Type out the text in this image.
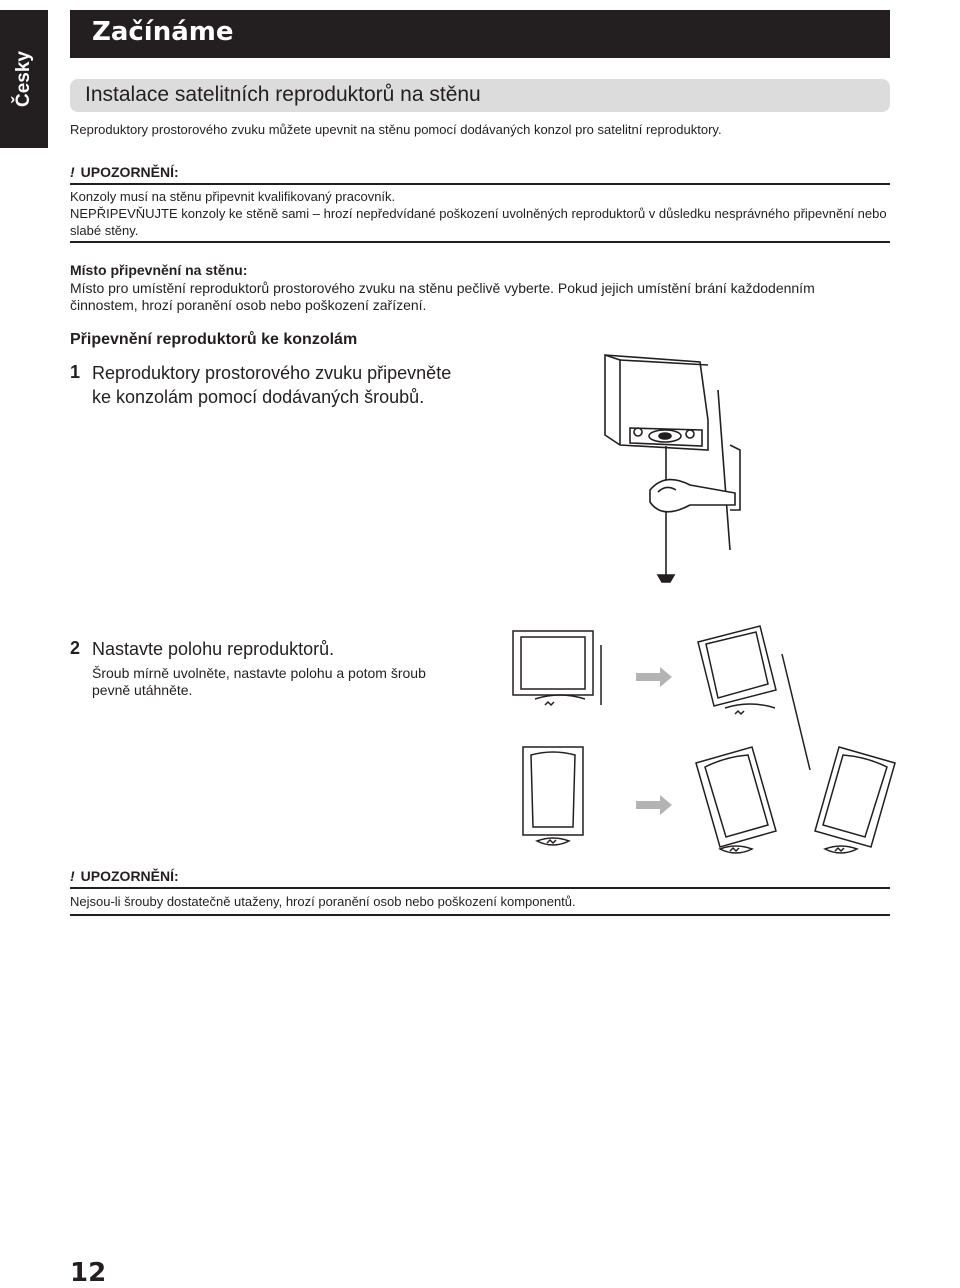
Česky
Začínáme
Instalace satelitních reproduktorů na stěnu
Reproduktory prostorového zvuku můžete upevnit na stěnu pomocí dodávaných konzol pro satelitní reproduktory.
! UPOZORNĚNÍ:
Konzoly musí na stěnu připevnit kvalifikovaný pracovník.
NEPŘIPEVŇUJTE konzoly ke stěně sami – hrozí nepředvídané poškození uvolněných reproduktorů v důsledku nesprávného připevnění nebo
slabé stěny.
Místo připevnění na stěnu:
Místo pro umístění reproduktorů prostorového zvuku na stěnu pečlivě vyberte. Pokud jejich umístění brání každodenním
činnostem, hrozí poranění osob nebo poškození zařízení.
Připevnění reproduktorů ke konzolám
1 Reproduktory prostorového zvuku připevněte
ke konzolám pomocí dodávaných šroubů.
2 Nastavte polohu reproduktorů.
Šroub mírně uvolněte, nastavte polohu a potom šroub
pevně utáhněte.
! UPOZORNĚNÍ:
Nejsou-li šrouby dostatečně utaženy, hrozí poranění osob nebo poškození komponentů.
12
